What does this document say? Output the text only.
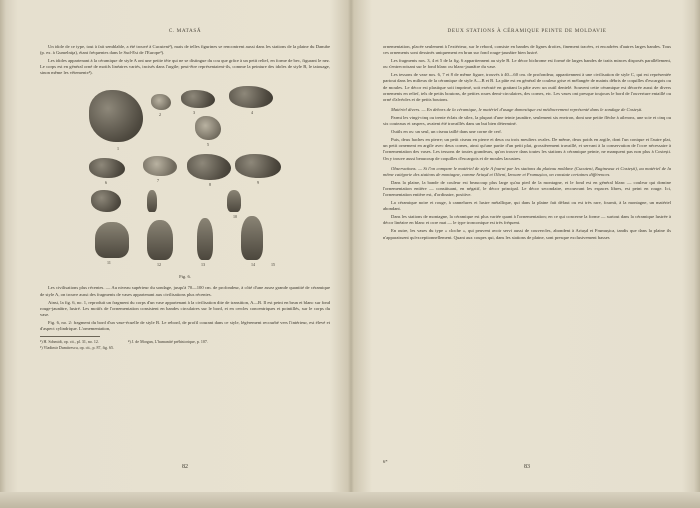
C. MATASĂ

Un idole de ce type, tout à fait semblable, a été trouvé à Cucuteni²), mais de telles figurines se rencontrent aussi dans les stations de la plaine du Danube (p. ex. à Gumelniţa), étant fréquentes dans le Sud-Est de l'Europe³).

Les idoles appartenant à la céramique de style A ont une petite tête qui ne se distingue du cou que grâce à un petit relief, en forme de bec, figurant le nez. Le corps est en général orné de motifs linéaires variés, incisés dans l'argile; peut-être représentaient-ils, comme la peinture des idoles de style B, le tatouage, sinon même les vêtements⁴).

1
2	3	4
5
6	7
8	9
10
11	12	13	14	15
Fig. 6.

Les civilisations plus récentes. — Au niveau supérieur du sondage, jusqu'à 70—100 cm. de profondeur, à côté d'une assez grande quantité de céramique de style A, on trouve aussi des fragments de vases appartenant aux civilisations plus récentes.

Ainsi, la fig. 6, no. 1, reproduit un fragment du corps d'un vase appartenant à la civilisation dite de transition, A—B. Il est peint en brun et blanc sur fond rouge-jaunâtre, lustré. Les motifs de l'ornementation consistent en bandes circulaires sur le bord, et en cercles concentriques et pointillés, sur le corps du vase.

Fig. 6, no. 2: fragment du bord d'un vase-écuelle de style B. Le rebord, de profil courant dans ce style, légèrement recourbé vers l'intérieur, est élevé et d'aspect cylindrique. L'ornementation,

²) H. Schmidt, op. cit., pl. 31, no. 12.
³) Vladimir Dumitrescu, op. cit., p. 87, fig. 65.
⁴) J. de Morgan, L'humanité préhistorique, p. 107.
82
DEUX STATIONS À CÉRAMIQUE PEINTE DE MOLDAVIE

ornementation, placée seulement à l'extérieur, sur le rebord, consiste en bandes de lignes droites, finement tracées, et encadrées d'autres larges bandes. Tous ces ornements sont dessinés uniquement en brun sur fond rouge-jaunâtre bien lustré.

Les fragments nos. 3, 4 et 5 de la fig. 6 appartiennent au style B. Le décor bichrome est formé de larges bandes de traits minces disposés parallèlement, ou s'entrecroisant sur le fond blanc ou blanc-jaunâtre du vase.

Les tessons de vase nos. 6, 7 et 8 de même figure, trouvés à 40—60 cm. de profondeur, appartiennent à une civilisation de style C, qui est représentée partout dans les milieux de la céramique de style A—B et B. La pâte est en général de couleur grise et mélangée de maints débris de coquilles d'escargots ou de moules. Le décor est plastique soit imprimé, soit exécuté en grattant la pâte avec un outil dentelé. Souvent cette céramique est décorée aussi de divers ornements en relief, tels de petits boutons, de petites roues demi-circulaires, des cornes, etc. Les vases ont presque toujours le bord de l'ouverture entaillé ou orné d'alvéoles et de petits boutons.

Matériel divers. — En dehors de la céramique, le matériel d'usage domestique est médiocrement représenté dans le sondage de Costești.

Parmi les vingt-cinq ou trente éclats de silex, la plupart d'une teinte jaunâtre, seulement six environ, dont une petite flèche à ailerons, une scie et cinq ou six couteaux et raspers, avaient été travaillés dans un but bien déterminé.

Outils en os: un seul, un ciseau taillé dans une corne de cerf.

Puis, deux haches en pierre; un petit ciseau en pierre et deux ou trois meuliers ovales. De même, deux poids en argile, dont l'un conique et l'autre plat, un petit ornement en argile avec deux cornes, ainsi qu'une partie d'un petit plat, grossièrement travaillé, et servant à la conservation de l'ocre nécessaire à l'ornementation des vases. Les tessons de toutes grandeurs, qu'on trouve dans toutes les stations à céramique peinte, ne manquent pas non plus à Costești. On y trouve aussi beaucoup de coquilles d'escargots et de moules lacustres.

Observations. — Si l'on compare le matériel de style A fourni par les stations du plateau moldave (Cucuteni, Rugineasa et Costești), au matériel de la même catégorie des stations de montagne, comme Ariușd et Olteni, Izvoare et Frumușica, on constate certaines différences.

Dans la plaine, la bande de couleur est beaucoup plus large qu'au pied de la montagne, et le fond est en général blanc — couleur qui domine l'ornementation entière — constituant, en négatif, le décor principal. Le décor secondaire, recouvrant les espaces libres, est peint en rouge. Ici, l'ornementation entière est, d'ordinaire, positive.

La céramique noire et rouge, à cannelures et lustre métallique, qui dans la plaine fait défaut ou est très rare, fournit, à la montagne, un matériel abondant.

Dans les stations de montagne, la céramique est plus variée quant à l'ornementation; en ce qui concerne la forme — surtout dans la céramique lustrée à décor linéaire en blanc et ocre mat — le type tronconique est très fréquent.

En outre, les vases du type « cloche », qui peuvent avoir servi aussi de couvercles, abondent à Ariușd et Frumușica, tandis que dans la plaine ils n'apparaissent qu'exceptionnellement. Quant aux coupes qui, dans les stations de plaine, sont presque exclusivement basses

6*
83
